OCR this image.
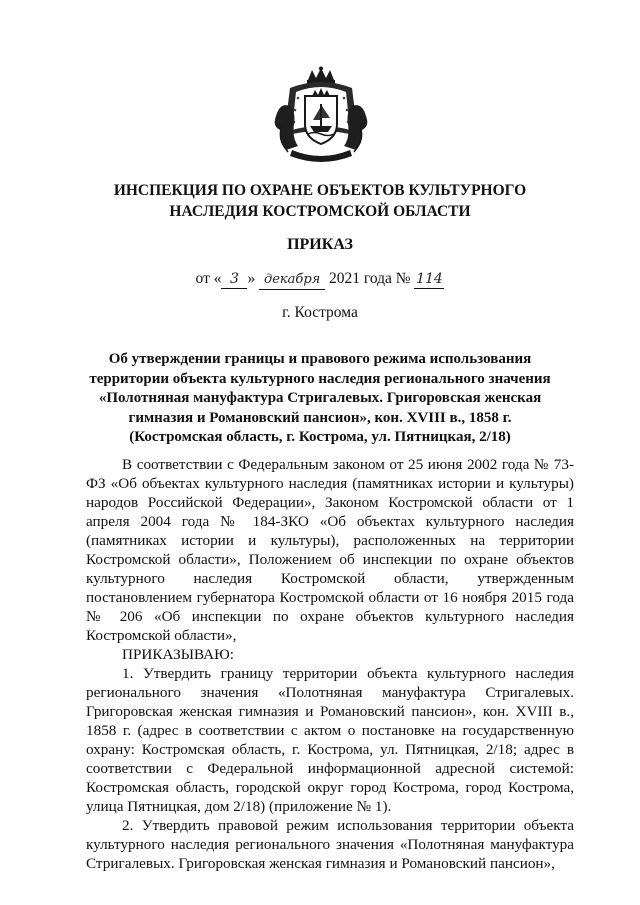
ИНСПЕКЦИЯ ПО ОХРАНЕ ОБЪЕКТОВ КУЛЬТУРНОГО
НАСЛЕДИЯ КОСТРОМСКОЙ ОБЛАСТИ
ПРИКАЗ
от « 3 » декабря 2021 года № 114
г. Кострома
Об утверждении границы и правового режима использования
территории объекта культурного наследия регионального значения
«Полотняная мануфактура Стригалевых. Григоровская женская
гимназия и Романовский пансион», кон. XVIII в., 1858 г.
(Костромская область, г. Кострома, ул. Пятницкая, 2/18)

В соответствии с Федеральным законом от 25 июня 2002 года № 73-ФЗ «Об объектах культурного наследия (памятниках истории и культуры) народов Российской Федерации», Законом Костромской области от 1 апреля 2004 года № 184-ЗКО «Об объектах культурного наследия (памятниках истории и культуры), расположенных на территории Костромской области», Положением об инспекции по охране объектов культурного наследия Костромской области, утвержденным постановлением губернатора Костромской области от 16 ноября 2015 года № 206 «Об инспекции по охране объектов культурного наследия Костромской области»,

ПРИКАЗЫВАЮ:

1. Утвердить границу территории объекта культурного наследия регионального значения «Полотняная мануфактура Стригалевых. Григоровская женская гимназия и Романовский пансион», кон. XVIII в., 1858 г. (адрес в соответствии с актом о постановке на государственную охрану: Костромская область, г. Кострома, ул. Пятницкая, 2/18; адрес в соответствии с Федеральной информационной адресной системой: Костромская область, городской округ город Кострома, город Кострома, улица Пятницкая, дом 2/18) (приложение № 1).

2. Утвердить правовой режим использования территории объекта культурного наследия регионального значения «Полотняная мануфактура Стригалевых. Григоровская женская гимназия и Романовский пансион»,
